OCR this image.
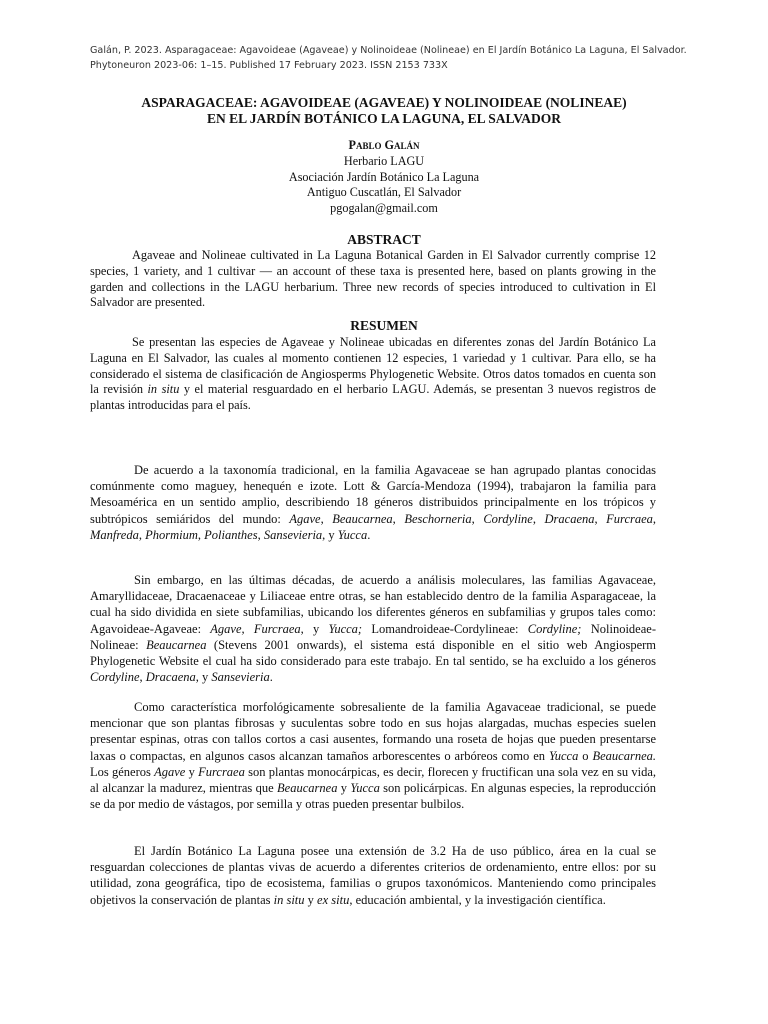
Galán, P. 2023. Asparagaceae: Agavoideae (Agaveae) y Nolinoideae (Nolineae) en El Jardín Botánico La Laguna, El Salvador. Phytoneuron 2023-06: 1–15. Published 17 February 2023. ISSN 2153 733X
ASPARAGACEAE: AGAVOIDEAE (AGAVEAE) Y NOLINOIDEAE (NOLINEAE)
EN EL JARDÍN BOTÁNICO LA LAGUNA, EL SALVADOR
Pablo Galán
Herbario LAGU
Asociación Jardín Botánico La Laguna
Antiguo Cuscatlán, El Salvador
pgogalan@gmail.com
ABSTRACT

Agaveae and Nolineae cultivated in La Laguna Botanical Garden in El Salvador currently comprise 12 species, 1 variety, and 1 cultivar — an account of these taxa is presented here, based on plants growing in the garden and collections in the LAGU herbarium. Three new records of species introduced to cultivation in El Salvador are presented.

RESUMEN

Se presentan las especies de Agaveae y Nolineae ubicadas en diferentes zonas del Jardín Botánico La Laguna en El Salvador, las cuales al momento contienen 12 especies, 1 variedad y 1 cultivar. Para ello, se ha considerado el sistema de clasificación de Angiosperms Phylogenetic Website. Otros datos tomados en cuenta son la revisión in situ y el material resguardado en el herbario LAGU. Además, se presentan 3 nuevos registros de plantas introducidas para el país.

De acuerdo a la taxonomía tradicional, en la familia Agavaceae se han agrupado plantas conocidas comúnmente como maguey, henequén e izote. Lott & García-Mendoza (1994), trabajaron la familia para Mesoamérica en un sentido amplio, describiendo 18 géneros distribuidos principalmente en los trópicos y subtrópicos semiáridos del mundo: Agave, Beaucarnea, Beschorneria, Cordyline, Dracaena, Furcraea, Manfreda, Phormium, Polianthes, Sansevieria, y Yucca.

Sin embargo, en las últimas décadas, de acuerdo a análisis moleculares, las familias Agavaceae, Amaryllidaceae, Dracaenaceae y Liliaceae entre otras, se han establecido dentro de la familia Asparagaceae, la cual ha sido dividida en siete subfamilias, ubicando los diferentes géneros en subfamilias y grupos tales como: Agavoideae-Agaveae: Agave, Furcraea, y Yucca; Lomandroideae-Cordylineae: Cordyline; Nolinoideae-Nolineae: Beaucarnea (Stevens 2001 onwards), el sistema está disponible en el sitio web Angiosperm Phylogenetic Website el cual ha sido considerado para este trabajo. En tal sentido, se ha excluido a los géneros Cordyline, Dracaena, y Sansevieria.

Como característica morfológicamente sobresaliente de la familia Agavaceae tradicional, se puede mencionar que son plantas fibrosas y suculentas sobre todo en sus hojas alargadas, muchas especies suelen presentar espinas, otras con tallos cortos a casi ausentes, formando una roseta de hojas que pueden presentarse laxas o compactas, en algunos casos alcanzan tamaños arborescentes o arbóreos como en Yucca o Beaucarnea. Los géneros Agave y Furcraea son plantas monocárpicas, es decir, florecen y fructifican una sola vez en su vida, al alcanzar la madurez, mientras que Beaucarnea y Yucca son policárpicas. En algunas especies, la reproducción se da por medio de vástagos, por semilla y otras pueden presentar bulbilos.

El Jardín Botánico La Laguna posee una extensión de 3.2 Ha de uso público, área en la cual se resguardan colecciones de plantas vivas de acuerdo a diferentes criterios de ordenamiento, entre ellos: por su utilidad, zona geográfica, tipo de ecosistema, familias o grupos taxonómicos. Manteniendo como principales objetivos la conservación de plantas in situ y ex situ, educación ambiental, y la investigación científica.
